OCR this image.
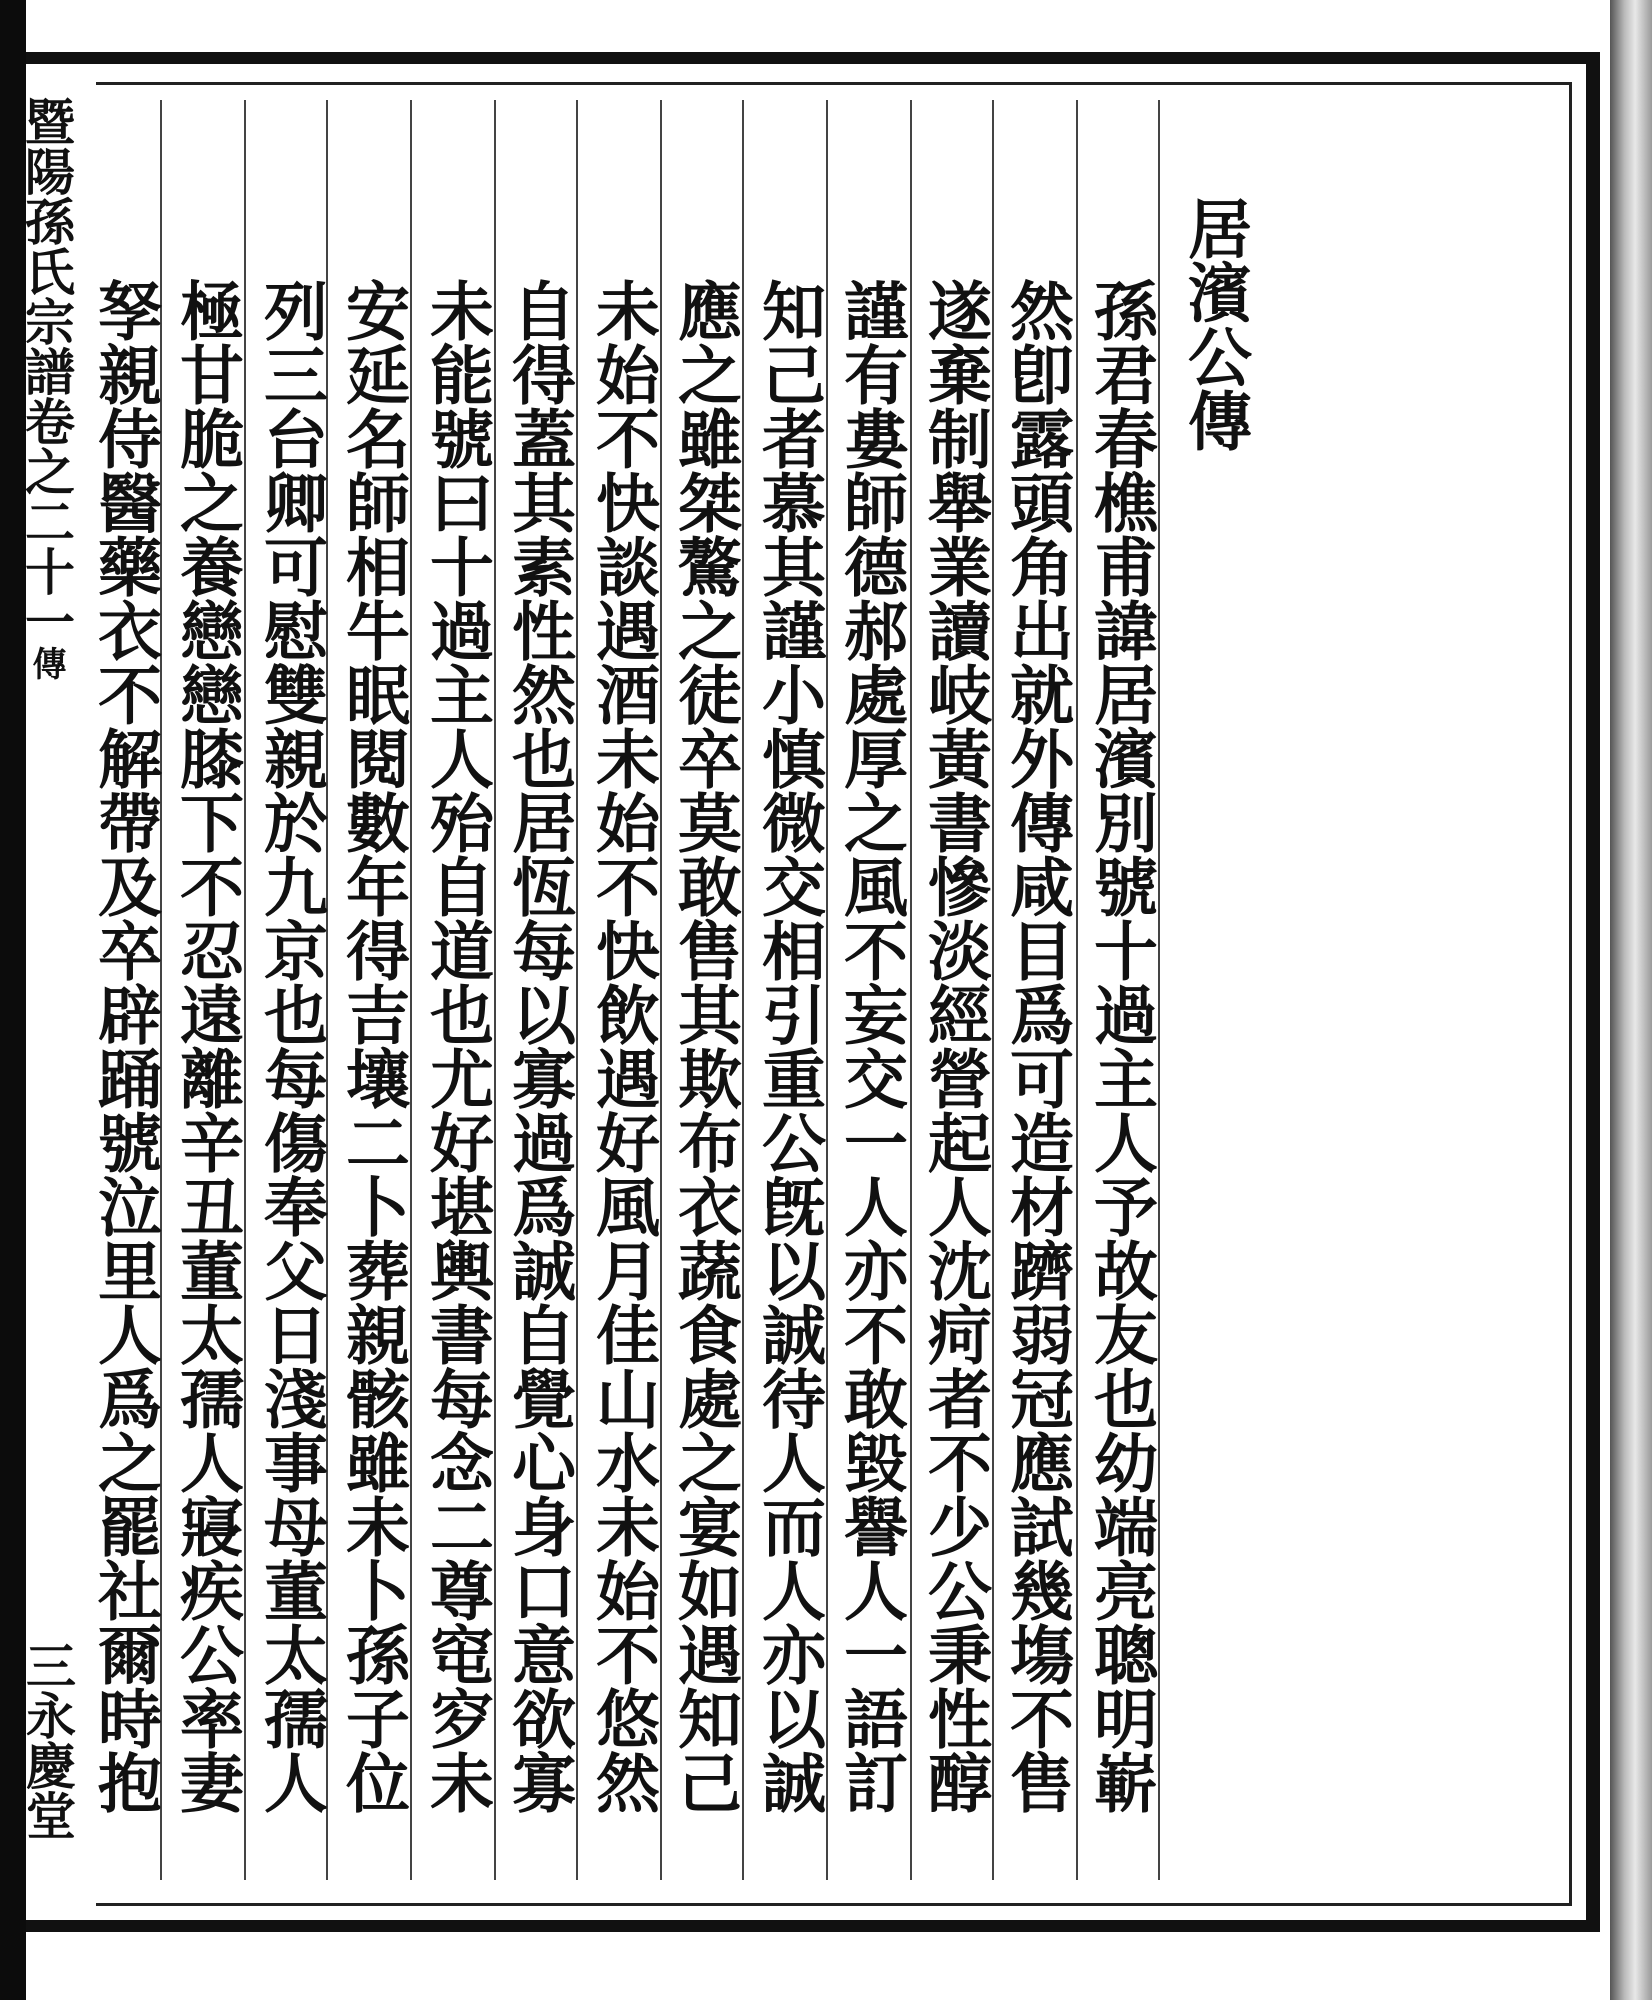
居濱公傳
孫君春樵甫諱居濱別號十過主人予故友也幼端亮聰明嶄
然卽露頭角出就外傳咸目爲可造材躋弱冠應試幾塲不售
遂棄制舉業讀岐黃書慘淡經營起人沈疴者不少公秉性醇
謹有婁師德郝處厚之風不妄交一人亦不敢毀譽人一語訂
知己者慕其謹小慎微交相引重公旣以誠待人而人亦以誠
應之雖桀驁之徒卒莫敢售其欺布衣蔬食處之宴如遇知己
未始不快談遇酒未始不快飲遇好風月佳山水未始不悠然
自得蓋其素性然也居恆每以寡過爲誠自覺心身口意欲寡
未能號曰十過主人殆自道也尤好堪輿書每念二尊窀穸未
安延名師相牛眠閱數年得吉壤二卜葬親骸雖未卜孫子位
列三台卿可慰雙親於九京也每傷奉父日淺事母董太孺人
極甘脆之養戀戀膝下不忍遠離辛丑董太孺人寢疾公率妻
孥親侍醫藥衣不解帶及卒辟踊號泣里人爲之罷社爾時抱
暨陽孫氏宗譜卷之二十一傳
三永慶堂
